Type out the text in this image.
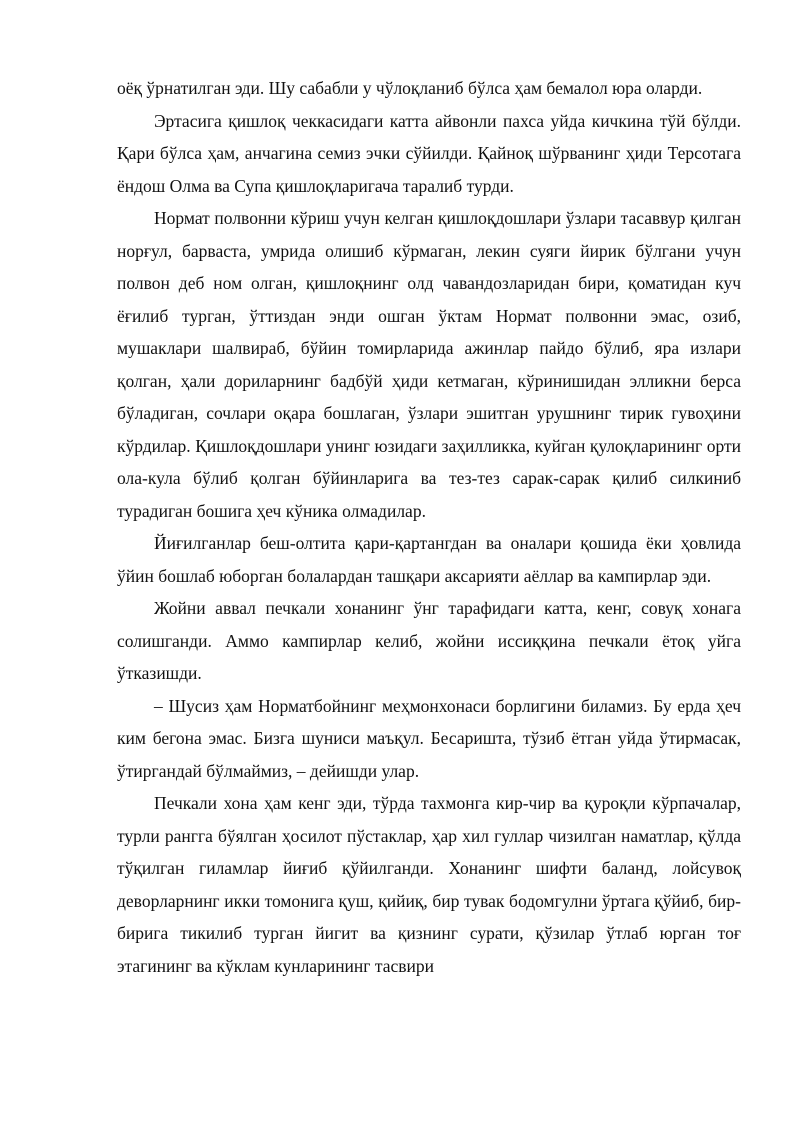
оёқ ўрнатилган эди. Шу сабабли у чўлоқланиб бўлса ҳам бемалол юра оларди.

Эртасига қишлоқ чеккасидаги катта айвонли пахса уйда кичкина тўй бўлди. Қари бўлса ҳам, анчагина семиз эчки сўйилди. Қайноқ шўрванинг ҳиди Терсотага ёндош Олма ва Супа қишлоқларигача таралиб турди.

Нормат полвонни кўриш учун келган қишлоқдошлари ўзлари тасаввур қилган норғул, барваста, умрида олишиб кўрмаган, лекин суяги йирик бўлгани учун полвон деб ном олган, қишлоқнинг олд чавандозларидан бири, қоматидан куч ёғилиб турган, ўттиздан энди ошган ўктам Нормат полвонни эмас, озиб, мушаклари шалвираб, бўйин томирларида ажинлар пайдо бўлиб, яра излари қолган, ҳали дориларнинг бадбўй ҳиди кетмаган, кўринишидан элликни берса бўладиган, сочлари оқара бошлаган, ўзлари эшитган урушнинг тирик гувоҳини кўрдилар. Қишлоқдошлари унинг юзидаги заҳилликка, куйган қулоқларининг орти ола-кула бўлиб қолган бўйинларига ва тез-тез сарак-сарак қилиб силкиниб турадиган бошига ҳеч кўника олмадилар.

Йиғилганлар беш-олтита қари-қартангдан ва оналари қошида ёки ҳовлида ўйин бошлаб юборган болалардан ташқари аксарияти аёллар ва кампирлар эди.

Жойни аввал печкали хонанинг ўнг тарафидаги катта, кенг, совуқ хонага солишганди. Аммо кампирлар келиб, жойни иссиққина печкали ётоқ уйга ўтказишди.

– Шусиз ҳам Норматбойнинг меҳмонхонаси борлигини биламиз. Бу ерда ҳеч ким бегона эмас. Бизга шуниси маъқул. Бесаришта, тўзиб ётган уйда ўтирмасак, ўтиргандай бўлмаймиз, – дейишди улар.

Печкали хона ҳам кенг эди, тўрда тахмонга кир-чир ва қуроқли кўрпачалар, турли рангга бўялган ҳосилот пўстаклар, ҳар хил гуллар чизилган наматлар, қўлда тўқилган гиламлар йиғиб қўйилганди. Хонанинг шифти баланд, лойсувоқ деворларнинг икки томонига қуш, қийиқ, бир тувак бодомгулни ўртага қўйиб, бир-бирига тикилиб турган йигит ва қизнинг сурати, қўзилар ўтлаб юрган тоғ этагининг ва кўклам кунларининг тасвири
